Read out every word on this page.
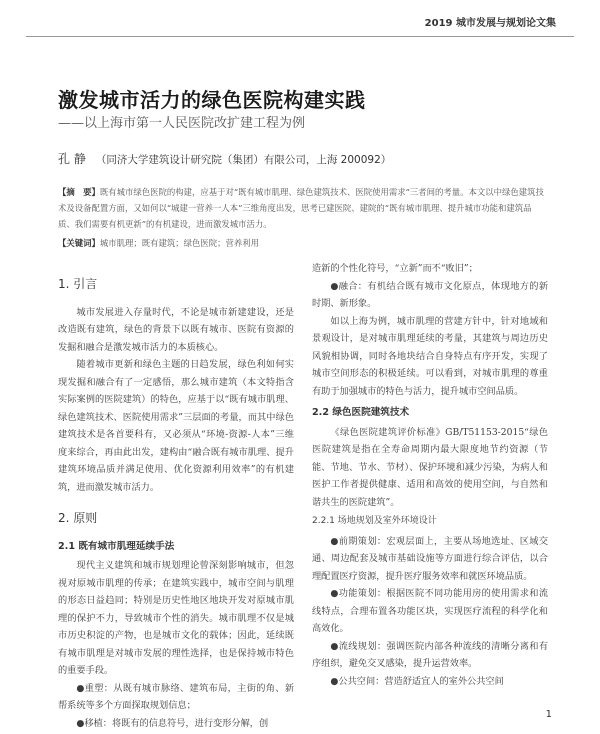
2019 城市发展与规划论文集
激发城市活力的绿色医院构建实践
——以上海市第一人民医院改扩建工程为例
孔 静 （同济大学建筑设计研究院（集团）有限公司，上海 200092）
【摘　要】既有城市绿色医院的构建，应基于对“既有城市肌理、绿色建筑技术、医院使用需求”三者间的考量。本文以中绿色建筑技术及设备配置方面，又如何以“城建一营养一人本”三维角度出发，思考已建医院、建院的“既有城市肌理、提升城市功能和建筑品质、我们需要有机更新”的有机建设，进而激发城市活力。
【关键词】城市肌理；既有建筑；绿色医院；营养利用
1. 引言

城市发展进入存量时代，不论是城市新建建设，还是改造既有建筑，绿色的背景下以既有城市、医院有资源的发掘和融合是激发城市活力的本质核心。

随着城市更新和绿色主题的日趋发展，绿色利如何实现发掘和融合有了一定感悟，那么城市建筑（本文特指含实际案例的医院建筑）的特色，应基于以“既有城市肌理、绿色建筑技术、医院使用需求”三层面的考量，而其中绿色建筑技术是各首要科有，又必须从“环境-资源-人本”三维度来综合，再由此出发，建构由“融合既有城市肌理、提升建筑环境品质并满足使用、优化资源利用效率”的有机建筑，进而激发城市活力。

2. 原则
2.1 既有城市肌理延续手法

现代主义建筑和城市规划理论曾深刻影响城市，但忽视对原城市肌理的传承；在建筑实践中，城市空间与肌理的形态日益趋同；特别是历史性地区地块开发对原城市肌理的保护不力，导致城市个性的消失。城市肌理不仅是城市历史积淀的产物，也是城市文化的载体；因此，延续既有城市肌理是对城市发展的理性选择，也是保持城市特色的重要手段。

●重塑：从既有城市脉络、建筑布局，主街的角、新帮系统等多个方面探取规划信息；

●移植：将既有的信息符号，进行变形分解，创

造新的个性化符号，“立新”而不“败旧”；

●融合：有机结合既有城市文化原点，体现地方的新时期、新形象。

如以上海为例，城市肌理的营建方针中，针对地域和景观设计，是对城市肌理延续的考量，其建筑与周边历史风貌相协调，同时各地块结合自身特点有序开发，实现了城市空间形态的积极延续。可以看到，对城市肌理的尊重有助于加强城市的特色与活力，提升城市空间品质。

2.2 绿色医院建筑技术

《绿色医院建筑评价标准》GB/T51153-2015“绿色医院建筑是指在全寿命周期内最大限度地节约资源（节能、节地、节水、节材）、保护环境和减少污染，为病人和医护工作者提供健康、适用和高效的使用空间，与自然和谐共生的医院建筑”。

2.2.1 场地规划及室外环境设计

●前期策划：宏观层面上，主要从场地选址、区域交通、周边配套及城市基础设施等方面进行综合评估，以合理配置医疗资源，提升医疗服务效率和就医环境品质。

●功能策划：根据医院不同功能用房的使用需求和流线特点，合理布置各功能区块，实现医疗流程的科学化和高效化。

●流线规划：强调医院内部各种流线的清晰分离和有序组织，避免交叉感染，提升运营效率。

●公共空间：营造舒适宜人的室外公共空间

1
